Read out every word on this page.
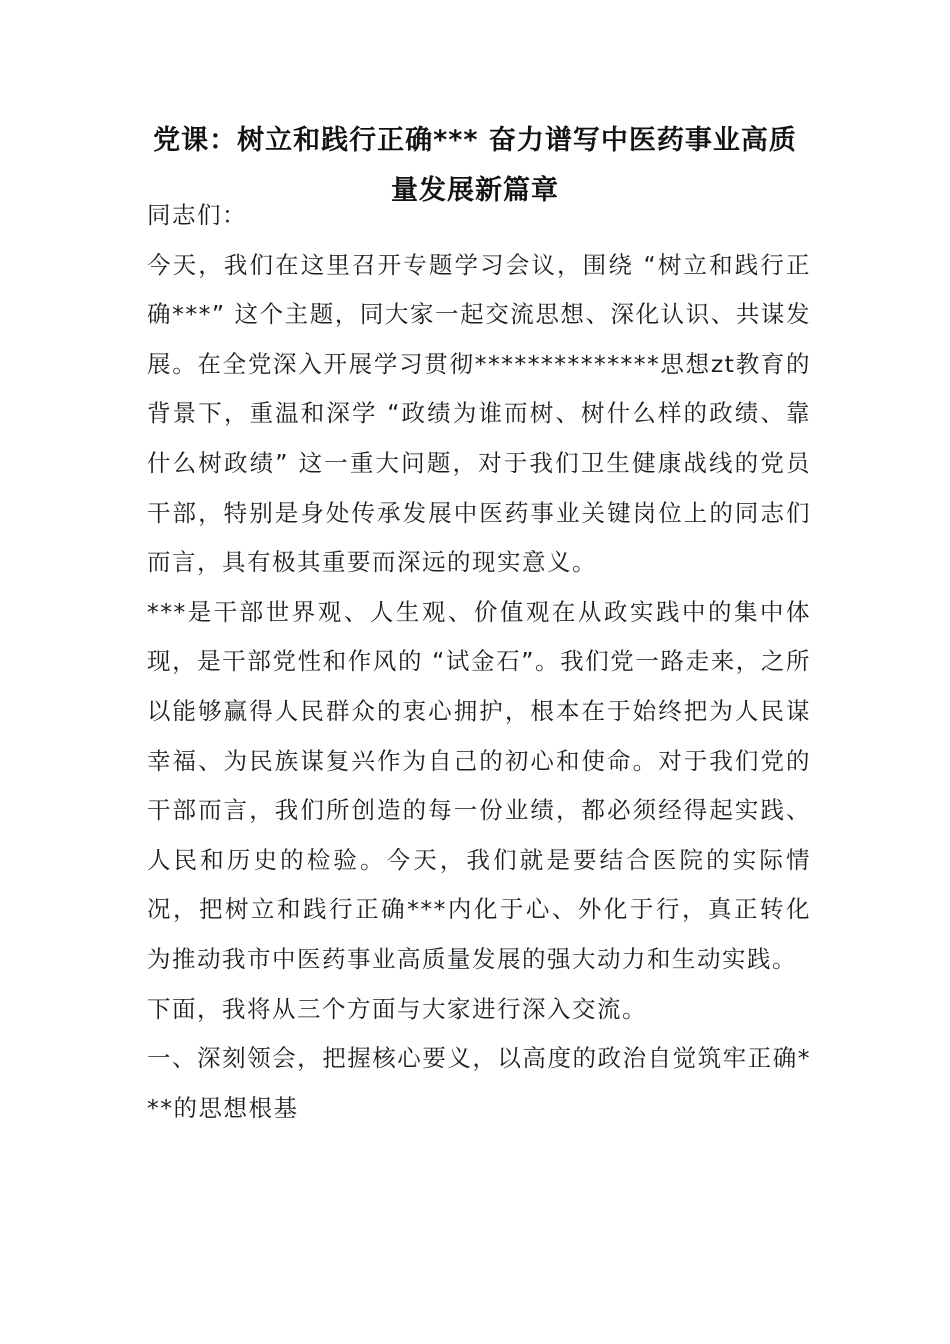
党课：树立和践行正确*** 奋力谱写中医药事业高质量发展新篇章

同志们：

今天，我们在这里召开专题学习会议，围绕 “树立和践行正确***” 这个主题，同大家一起交流思想、深化认识、共谋发展。在全党深入开展学习贯彻**************思想zt教育的背景下，重温和深学 “政绩为谁而树、树什么样的政绩、靠什么树政绩” 这一重大问题，对于我们卫生健康战线的党员干部，特别是身处传承发展中医药事业关键岗位上的同志们而言，具有极其重要而深远的现实意义。

***是干部世界观、人生观、价值观在从政实践中的集中体现，是干部党性和作风的 “试金石”。我们党一路走来，之所以能够赢得人民群众的衷心拥护，根本在于始终把为人民谋幸福、为民族谋复兴作为自己的初心和使命。对于我们党的干部而言，我们所创造的每一份业绩，都必须经得起实践、人民和历史的检验。今天，我们就是要结合医院的实际情况，把树立和践行正确***内化于心、外化于行，真正转化为推动我市中医药事业高质量发展的强大动力和生动实践。

下面，我将从三个方面与大家进行深入交流。

一、深刻领会，把握核心要义，以高度的政治自觉筑牢正确***的思想根基
